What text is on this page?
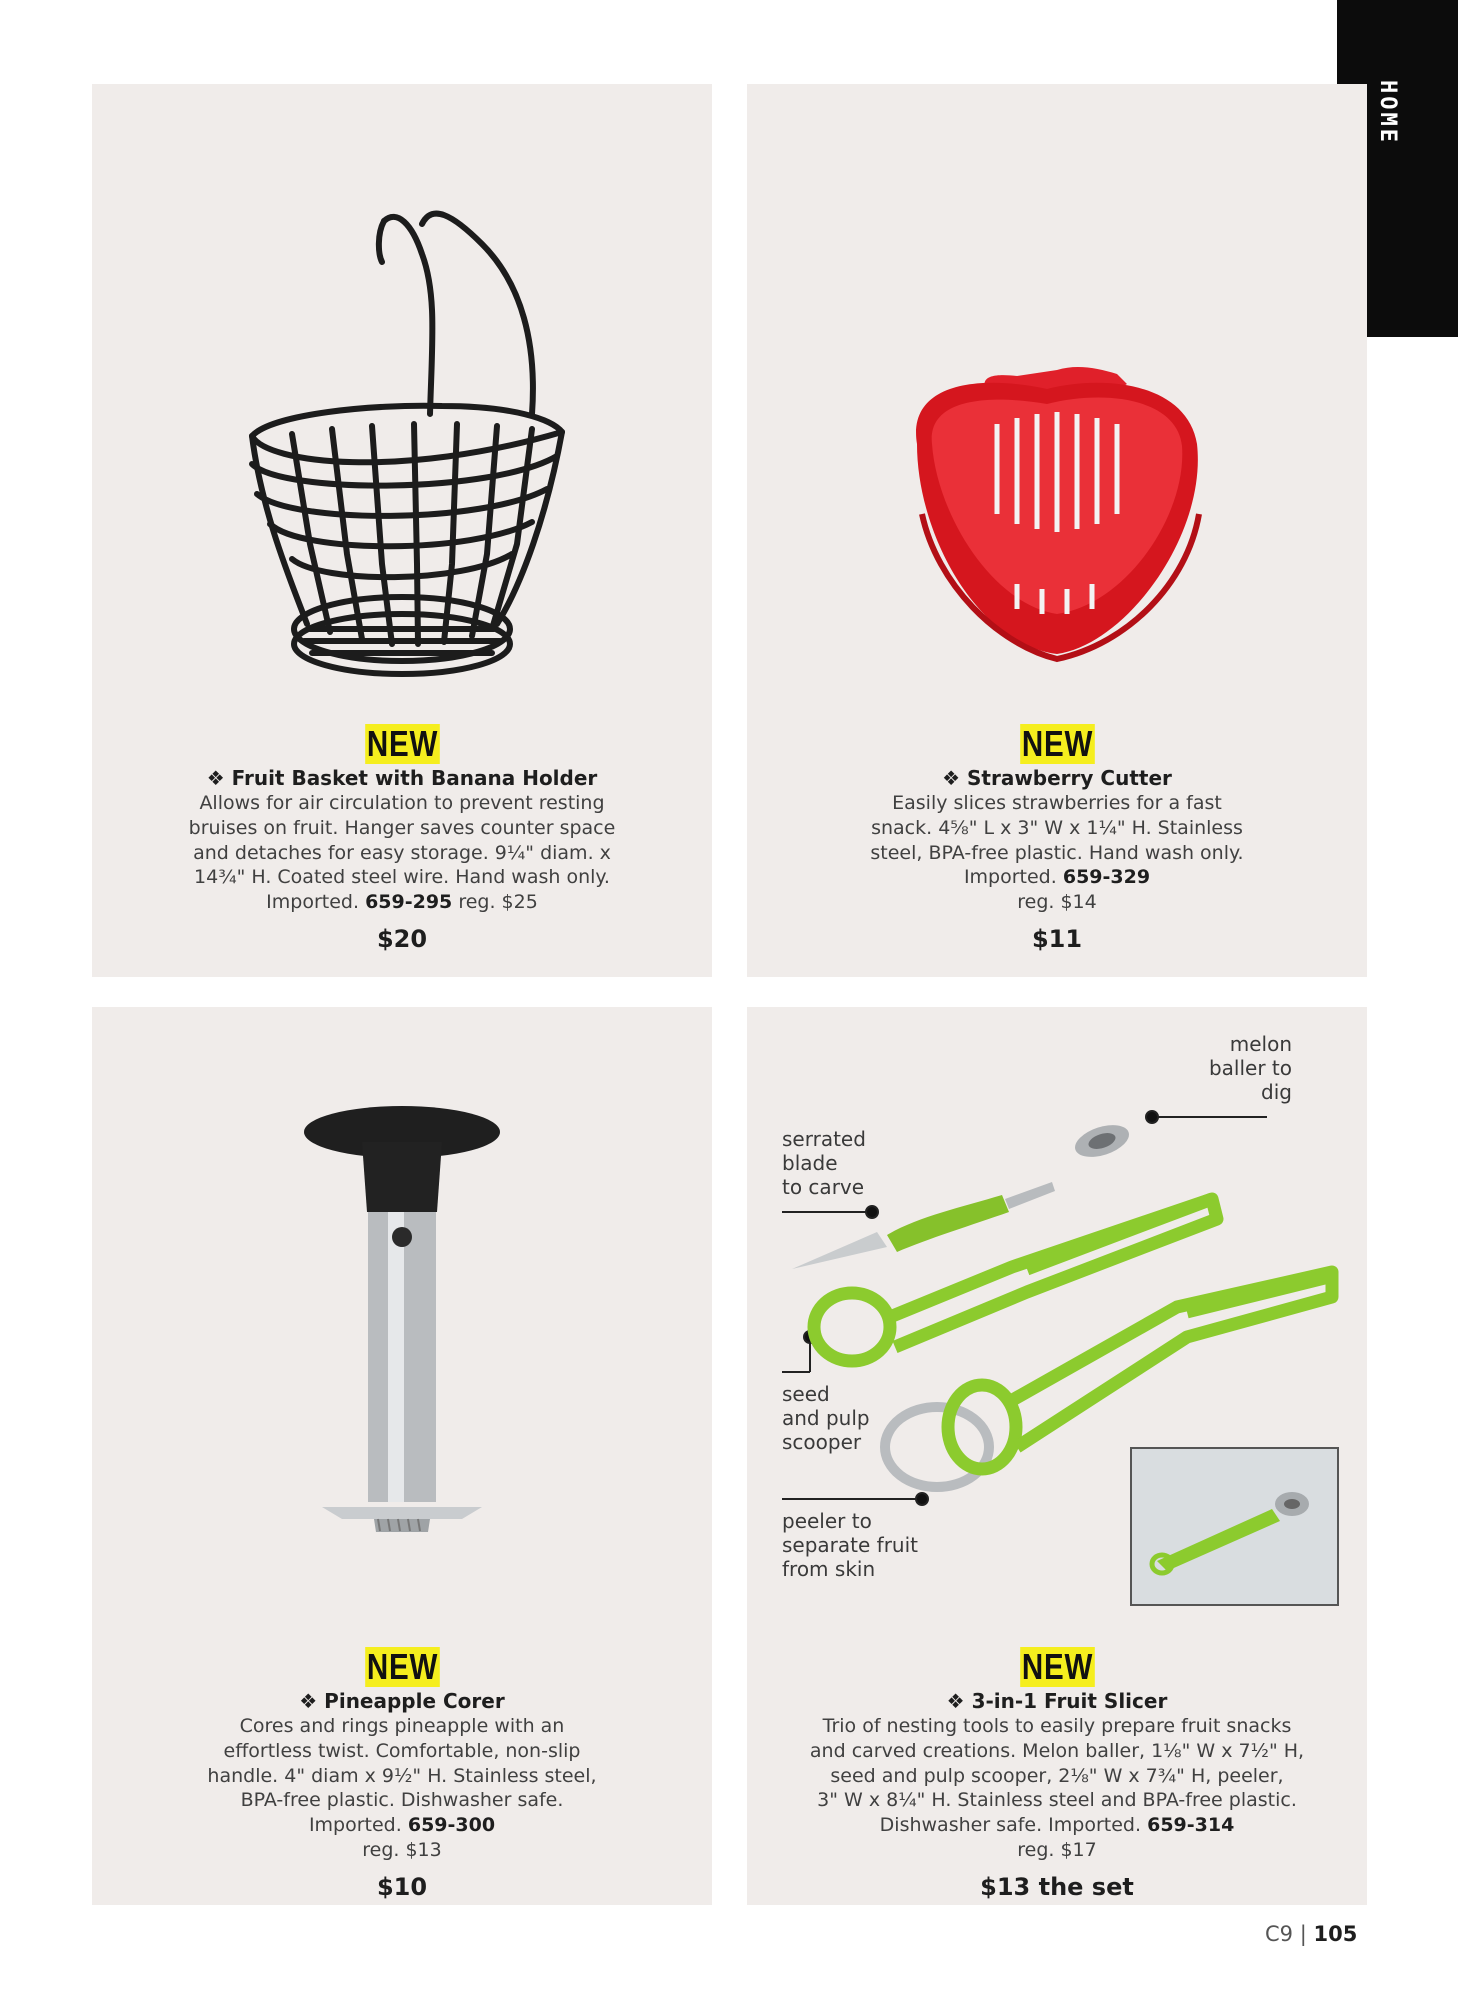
HOME
NEW
❖ Fruit Basket with Banana Holder
Allows for air circulation to prevent resting
bruises on fruit. Hanger saves counter space
and detaches for easy storage. 9¼" diam. x
14¾" H. Coated steel wire. Hand wash only.
Imported. 659-295 reg. $25
$20
NEW
❖ Strawberry Cutter
Easily slices strawberries for a fast
snack. 4⅝" L x 3" W x 1¼" H. Stainless
steel, BPA-free plastic. Hand wash only.
Imported. 659-329
reg. $14
$11
NEW
❖ Pineapple Corer
Cores and rings pineapple with an
effortless twist. Comfortable, non-slip
handle. 4" diam x 9½" H. Stainless steel,
BPA-free plastic. Dishwasher safe.
Imported. 659-300
reg. $13
$10
melon
baller to
dig
serrated
blade
to carve
seed
and pulp
scooper
peeler to
separate fruit
from skin
NEW
❖ 3-in-1 Fruit Slicer
Trio of nesting tools to easily prepare fruit snacks
and carved creations. Melon baller, 1⅛" W x 7½" H,
seed and pulp scooper, 2⅛" W x 7¾" H, peeler,
3" W x 8¼" H. Stainless steel and BPA-free plastic.
Dishwasher safe. Imported. 659-314
reg. $17
$13 the set
C9 | 105
